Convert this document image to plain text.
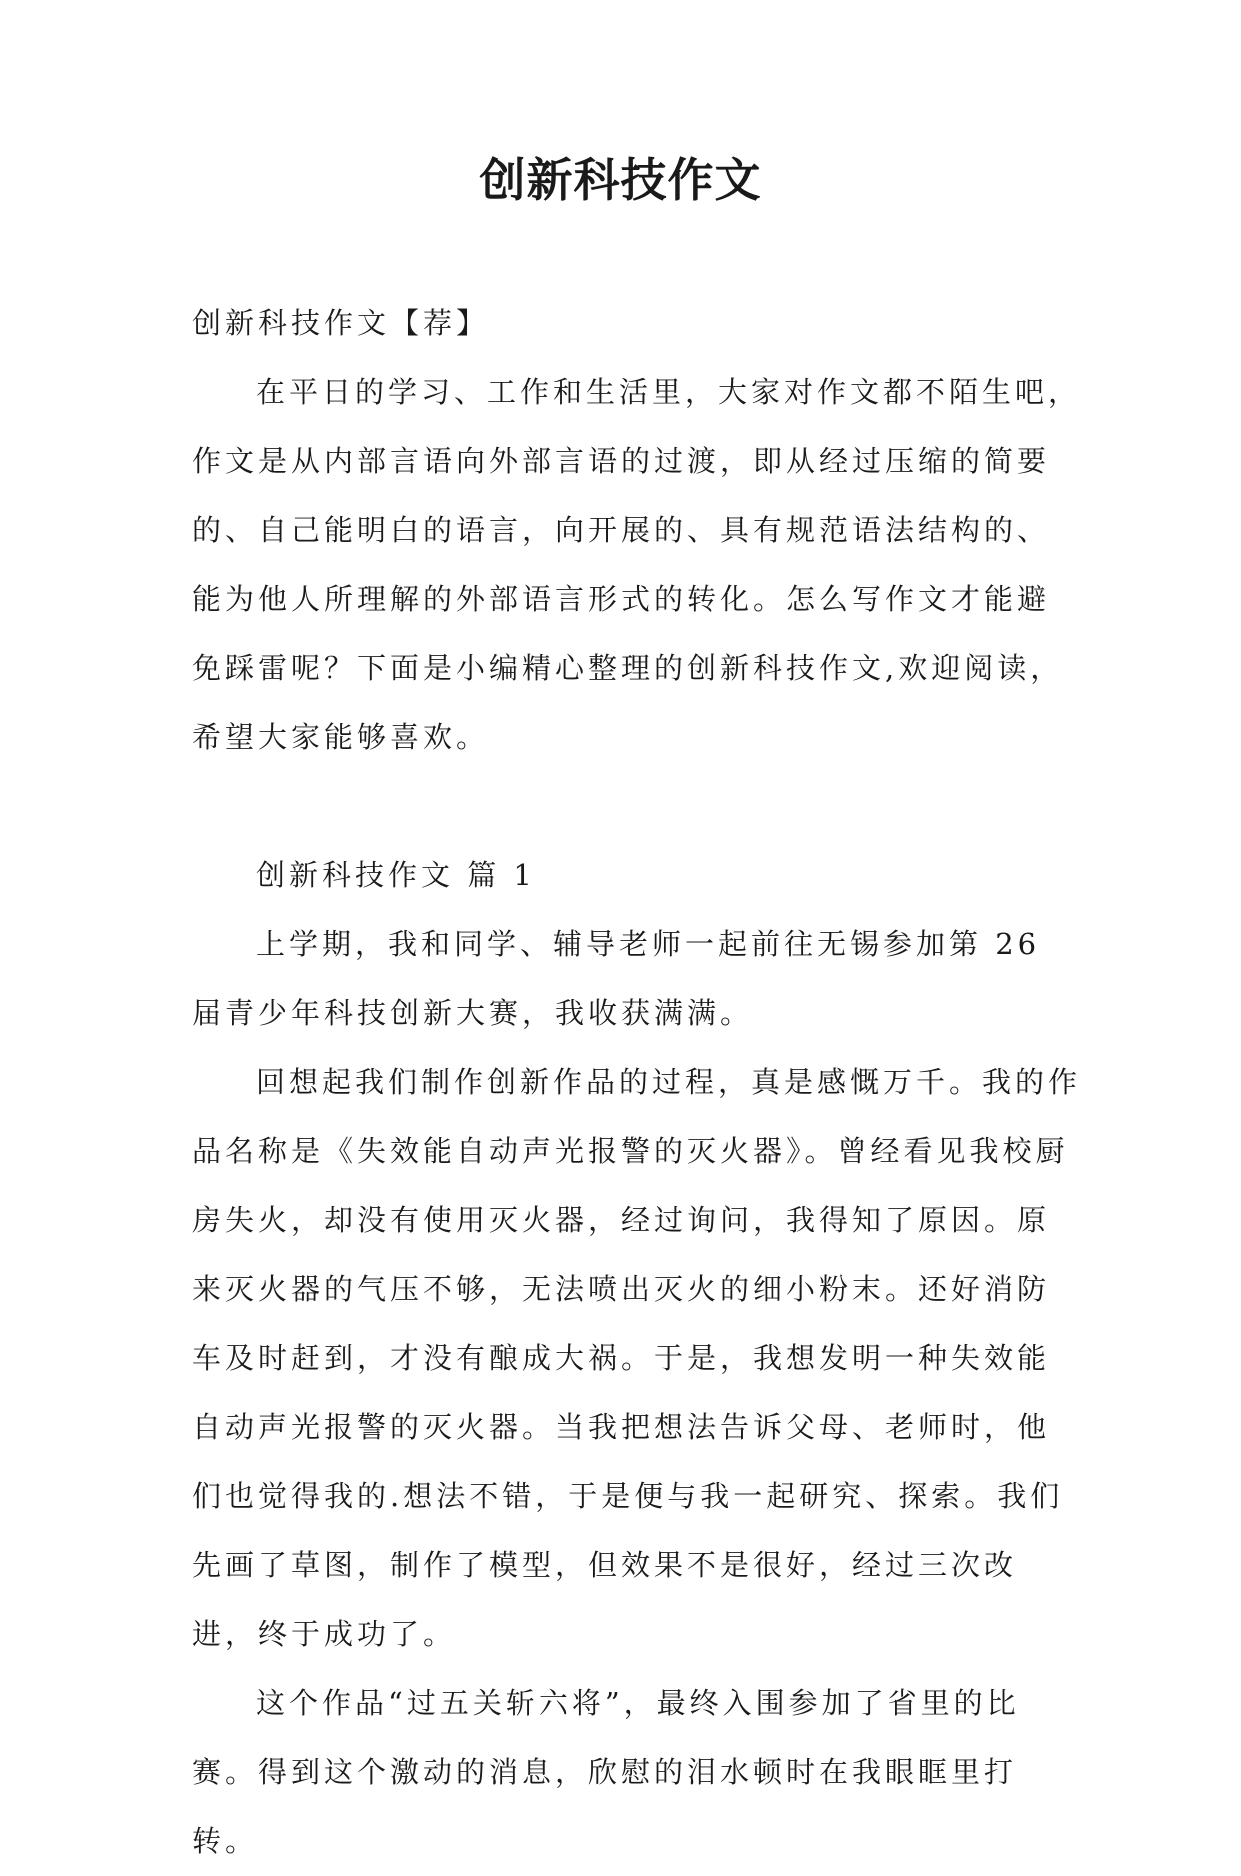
创新科技作文

创新科技作文【荐】

在平日的学习、工作和生活里，大家对作文都不陌生吧，作文是从内部言语向外部言语的过渡，即从经过压缩的简要的、自己能明白的语言，向开展的、具有规范语法结构的、能为他人所理解的外部语言形式的转化。怎么写作文才能避免踩雷呢？下面是小编精心整理的创新科技作文,欢迎阅读，希望大家能够喜欢。

创新科技作文 篇 1

上学期，我和同学、辅导老师一起前往无锡参加第 26 届青少年科技创新大赛，我收获满满。

回想起我们制作创新作品的过程，真是感慨万千。我的作品名称是《失效能自动声光报警的灭火器》。曾经看见我校厨房失火，却没有使用灭火器，经过询问，我得知了原因。原来灭火器的气压不够，无法喷出灭火的细小粉末。还好消防车及时赶到，才没有酿成大祸。于是，我想发明一种失效能自动声光报警的灭火器。当我把想法告诉父母、老师时，他们也觉得我的.想法不错，于是便与我一起研究、探索。我们先画了草图，制作了模型，但效果不是很好，经过三次改进，终于成功了。

这个作品“过五关斩六将”，最终入围参加了省里的比赛。得到这个激动的消息，欣慰的泪水顿时在我眼眶里打转。
